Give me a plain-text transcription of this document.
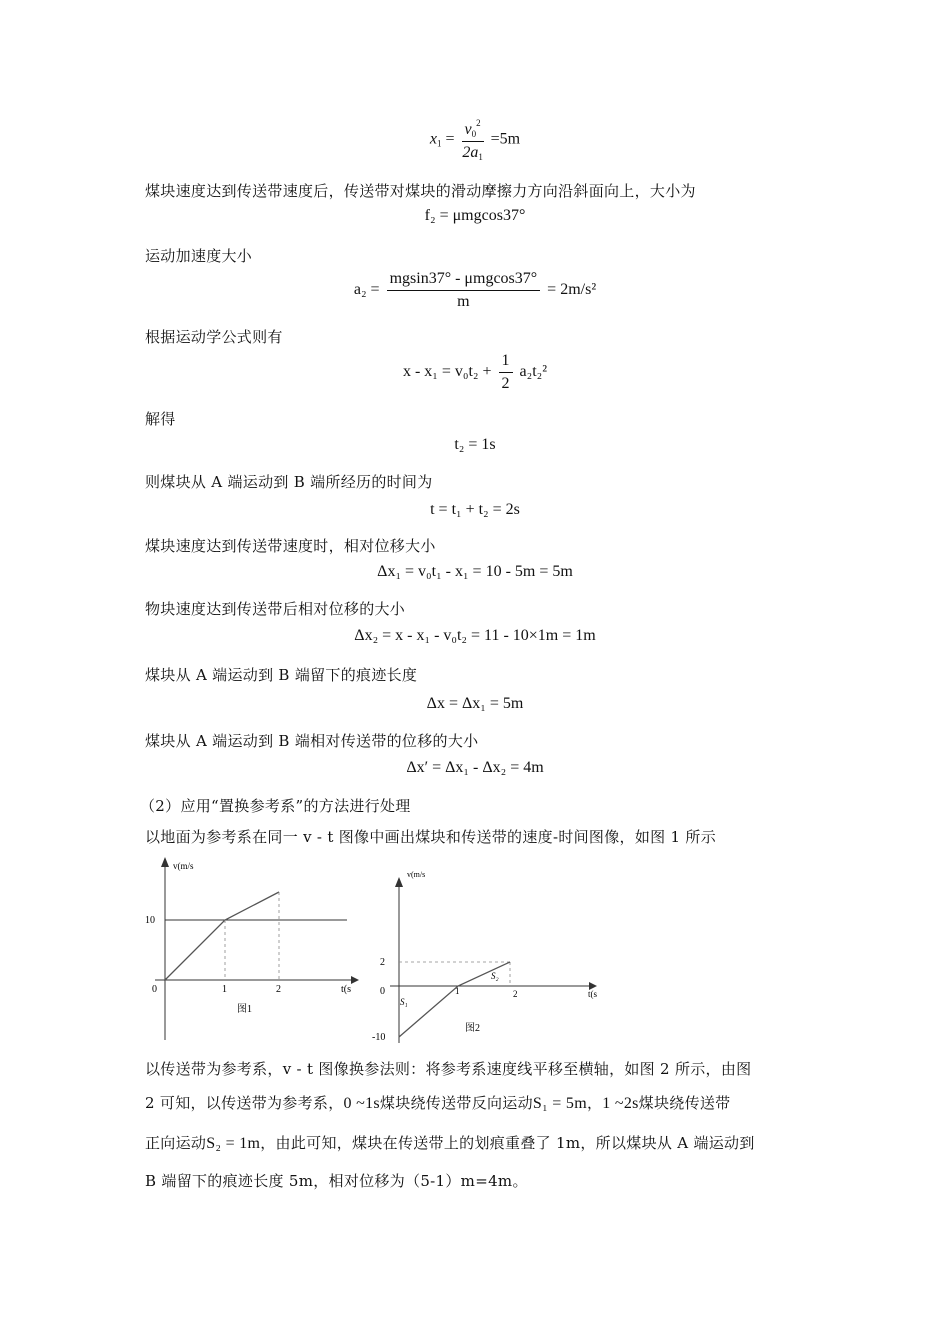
$x_1 = \frac{v_0^2}{2a_1} =5m$
煤块速度达到传送带速度后，传送带对煤块的滑动摩擦力方向沿斜面向上，大小为
f₂ = μmgcos37°
运动加速度大小
$a_2 = \frac{\text{mgsin37° - μmgcos37°}}{m} = 2m/s^2$
根据运动学公式则有
$x - x_1 = v_0t_2 + \frac{1}{2} a_2t_2^2$
解得
t₂ = 1s
则煤块从 A 端运动到 B 端所经历的时间为
t = t₁ + t₂ = 2s
煤块速度达到传送带速度时，相对位移大小
Δx₁ = v₀t₁ - x₁ = 10 - 5m = 5m
物块速度达到传送带后相对位移的大小
Δx₂ = x - x₁ - v₀t₂ = 11 - 10×1m = 1m
煤块从 A 端运动到 B 端留下的痕迹长度
Δx = Δx₁ = 5m
煤块从 A 端运动到 B 端相对传送带的位移的大小
Δx′ = Δx₁ - Δx₂ = 4m
（2）应用“置换参考系”的方法进行处理
以地面为参考系在同一 v - t 图像中画出煤块和传送带的速度-时间图像，如图 1 所示
v(m/s
10
0	1	2	t(s
图1
v(m/s
2
0
-10
1	2	t(s
S₁
S₂
图2
以传送带为参考系，v - t 图像换参法则：将参考系速度线平移至横轴，如图 2 所示，由图
2 可知，以传送带为参考系，0 ~1s煤块绕传送带反向运动S₁ = 5m，1 ~2s煤块绕传送带
正向运动S₂ = 1m，由此可知，煤块在传送带上的划痕重叠了 1m，所以煤块从 A 端运动到
B 端留下的痕迹长度 5m，相对位移为（5-1）m=4m。
